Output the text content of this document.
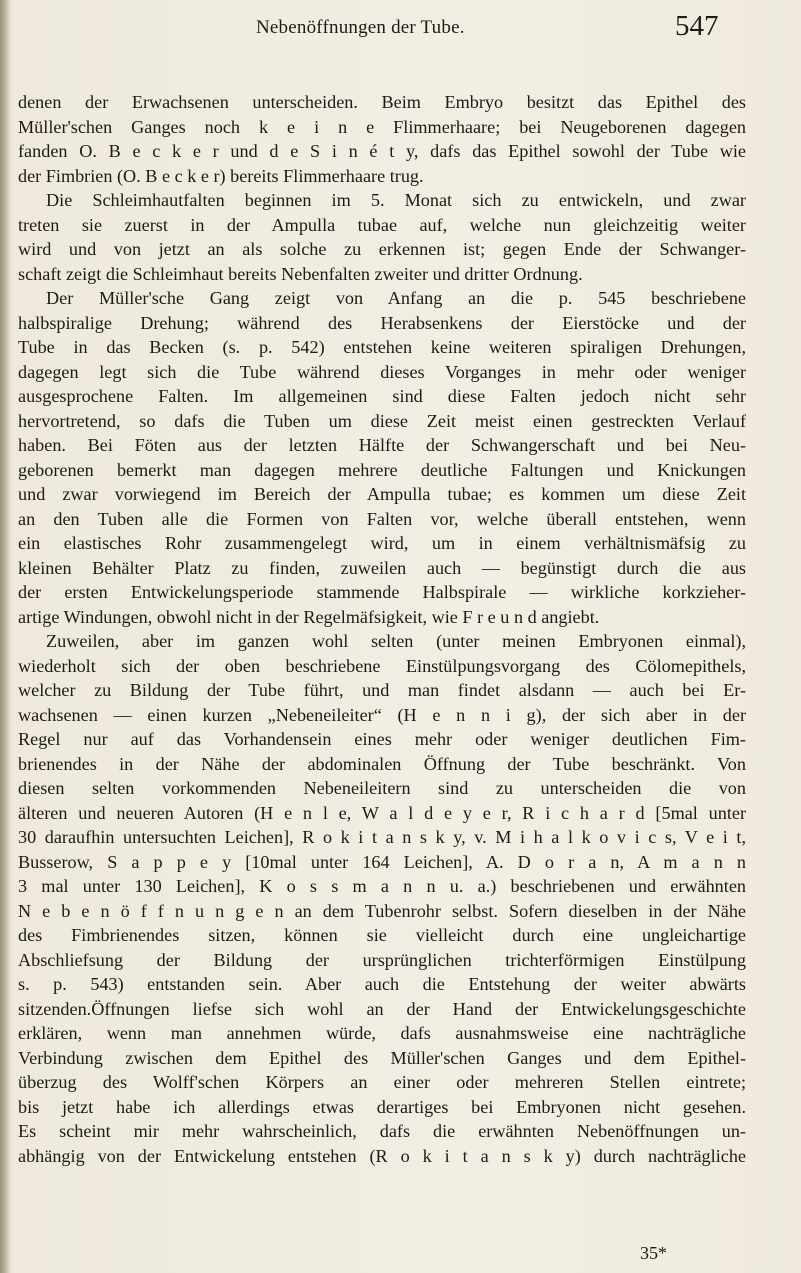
Nebenöffnungen der Tube.	547
denen der Erwachsenen unterscheiden. Beim Embryo besitzt das Epithel des
Müller'schen Ganges noch k e i n e Flimmerhaare; bei Neugeborenen dagegen
fanden O. B e c k e r und d e S i n é t y, dafs das Epithel sowohl der Tube wie
der Fimbrien (O. B e c k e r) bereits Flimmerhaare trug.
Die Schleimhautfalten beginnen im 5. Monat sich zu entwickeln, und zwar
treten sie zuerst in der Ampulla tubae auf, welche nun gleichzeitig weiter
wird und von jetzt an als solche zu erkennen ist; gegen Ende der Schwanger-
schaft zeigt die Schleimhaut bereits Nebenfalten zweiter und dritter Ordnung.
Der Müller'sche Gang zeigt von Anfang an die p. 545 beschriebene
halbspiralige Drehung; während des Herabsenkens der Eierstöcke und der
Tube in das Becken (s. p. 542) entstehen keine weiteren spiraligen Drehungen,
dagegen legt sich die Tube während dieses Vorganges in mehr oder weniger
ausgesprochene Falten. Im allgemeinen sind diese Falten jedoch nicht sehr
hervortretend, so dafs die Tuben um diese Zeit meist einen gestreckten Verlauf
haben. Bei Föten aus der letzten Hälfte der Schwangerschaft und bei Neu-
geborenen bemerkt man dagegen mehrere deutliche Faltungen und Knickungen
und zwar vorwiegend im Bereich der Ampulla tubae; es kommen um diese Zeit
an den Tuben alle die Formen von Falten vor, welche überall entstehen, wenn
ein elastisches Rohr zusammengelegt wird, um in einem verhältnismäfsig zu
kleinen Behälter Platz zu finden, zuweilen auch — begünstigt durch die aus
der ersten Entwickelungsperiode stammende Halbspirale — wirkliche korkzieher-
artige Windungen, obwohl nicht in der Regelmäfsigkeit, wie F r e u n d angiebt.
Zuweilen, aber im ganzen wohl selten (unter meinen Embryonen einmal),
wiederholt sich der oben beschriebene Einstülpungsvorgang des Cölomepithels,
welcher zu Bildung der Tube führt, und man findet alsdann — auch bei Er-
wachsenen — einen kurzen „Nebeneileiter“ (H e n n i g), der sich aber in der
Regel nur auf das Vorhandensein eines mehr oder weniger deutlichen Fim-
brienendes in der Nähe der abdominalen Öffnung der Tube beschränkt. Von
diesen selten vorkommenden Nebeneileitern sind zu unterscheiden die von
älteren und neueren Autoren (H e n l e, W a l d e y e r, R i c h a r d [5mal unter
30 daraufhin untersuchten Leichen], R o k i t a n s k y, v. M i h a l k o v i c s, V e i t,
Busserow, S a p p e y [10mal unter 164 Leichen], A. D o r a n, A m a n n
3 mal unter 130 Leichen], K o s s m a n n u. a.) beschriebenen und erwähnten
N e b e n ö f f n u n g e n an dem Tubenrohr selbst. Sofern dieselben in der Nähe
des Fimbrienendes sitzen, können sie vielleicht durch eine ungleichartige
Abschliefsung der Bildung der ursprünglichen trichterförmigen Einstülpung
s. p. 543) entstanden sein. Aber auch die Entstehung der weiter abwärts
sitzenden.Öffnungen liefse sich wohl an der Hand der Entwickelungsgeschichte
erklären, wenn man annehmen würde, dafs ausnahmsweise eine nachträgliche
Verbindung zwischen dem Epithel des Müller'schen Ganges und dem Epithel-
überzug des Wolff'schen Körpers an einer oder mehreren Stellen eintrete;
bis jetzt habe ich allerdings etwas derartiges bei Embryonen nicht gesehen.
Es scheint mir mehr wahrscheinlich, dafs die erwähnten Nebenöffnungen un-
abhängig von der Entwickelung entstehen (R o k i t a n s k y) durch nachträgliche
35*
